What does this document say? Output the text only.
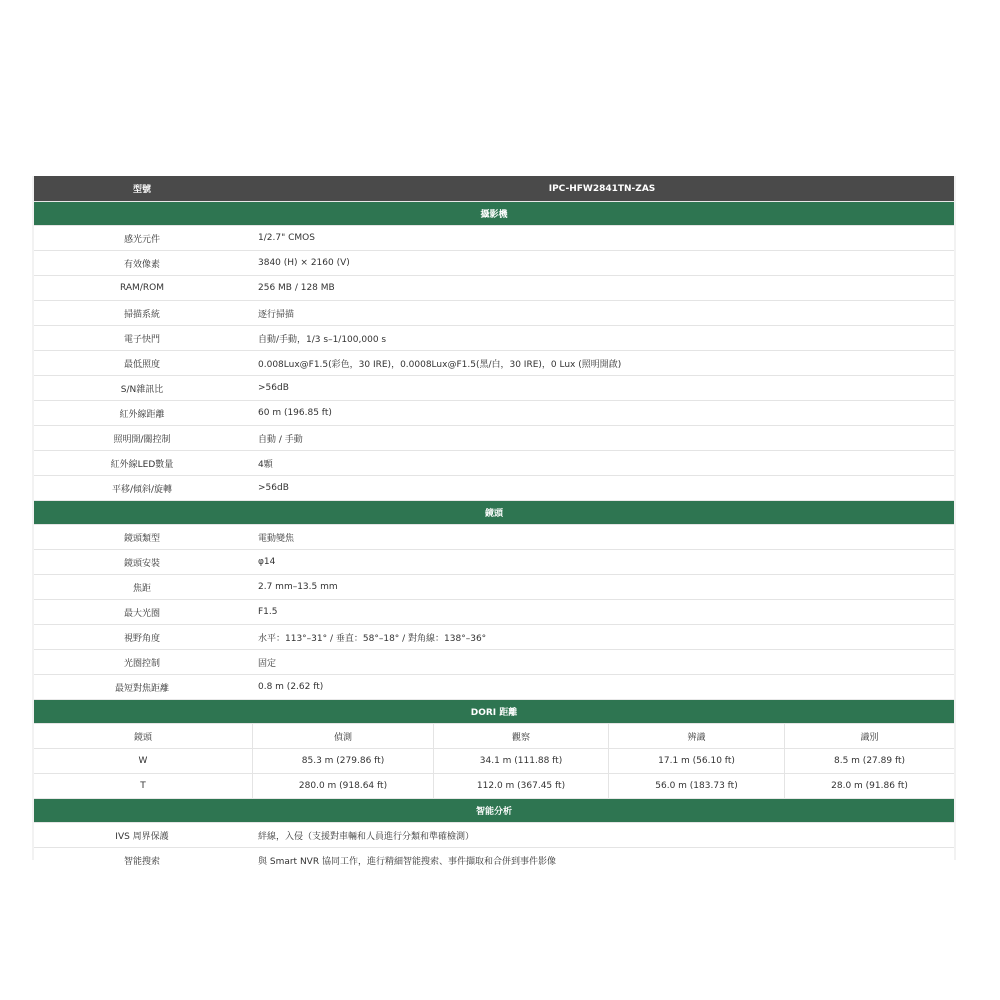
型號	IPC-HFW2841TN-ZAS
攝影機
感光元件	1/2.7" CMOS
有效像素	3840 (H) × 2160 (V)
RAM/ROM	256 MB / 128 MB
掃描系統	逐行掃描
電子快門	自動/手動，1/3 s–1/100,000 s
最低照度	0.008Lux@F1.5(彩色，30 IRE)，0.0008Lux@F1.5(黑/白，30 IRE)，0 Lux (照明開啟)
S/N雜訊比	>56dB
紅外線距離	60 m (196.85 ft)
照明開/關控制	自動 / 手動
紅外線LED數量	4顆
平移/傾斜/旋轉	>56dB
鏡頭
鏡頭類型	電動變焦
鏡頭安裝	φ14
焦距	2.7 mm–13.5 mm
最大光圈	F1.5
視野角度	水平：113°–31° / 垂直：58°–18° / 對角線：138°–36°
光圈控制	固定
最短對焦距離	0.8 m (2.62 ft)
DORI 距離
鏡頭	偵測	觀察	辨識	識別
W	85.3 m (279.86 ft)	34.1 m (111.88 ft)	17.1 m (56.10 ft)	8.5 m (27.89 ft)
T	280.0 m (918.64 ft)	112.0 m (367.45 ft)	56.0 m (183.73 ft)	28.0 m (91.86 ft)
智能分析
IVS 周界保護	絆線，入侵（支援對車輛和人員進行分類和準確檢測）
智能搜索	與 Smart NVR 協同工作，進行精細智能搜索、事件擷取和合併到事件影像
